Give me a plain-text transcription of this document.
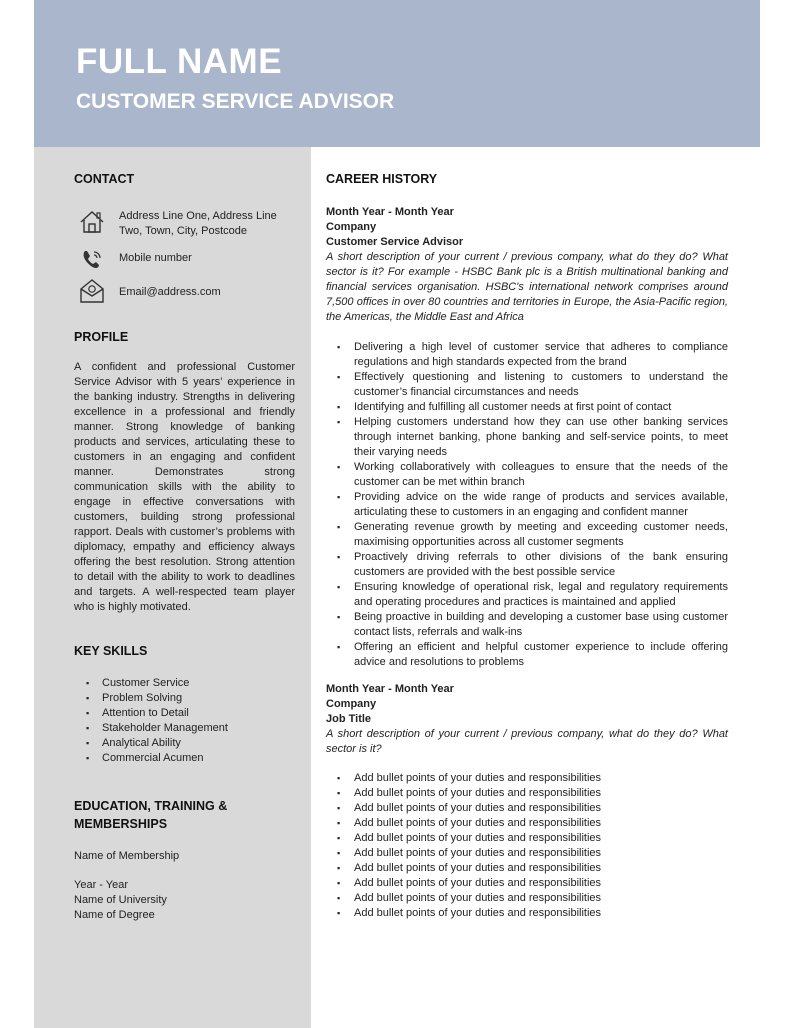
FULL NAME
CUSTOMER SERVICE ADVISOR
CONTACT
Address Line One, Address Line
Two, Town, City, Postcode
Mobile number
Email@address.com
PROFILE

A confident and professional Customer Service Advisor with 5 years’ experience in the banking industry. Strengths in delivering excellence in a professional and friendly manner. Strong knowledge of banking products and services, articulating these to customers in an engaging and confident manner. Demonstrates strong communication skills with the ability to engage in effective conversations with customers, building strong professional rapport. Deals with customer’s problems with diplomacy, empathy and efficiency always offering the best resolution. Strong attention to detail with the ability to work to deadlines and targets. A well-respected team player who is highly motivated.

KEY SKILLS
▪ Customer Service
▪ Problem Solving
▪ Attention to Detail
▪ Stakeholder Management
▪ Analytical Ability
▪ Commercial Acumen
EDUCATION, TRAINING &
MEMBERSHIPS
Name of Membership
Year - Year
Name of University
Name of Degree
CAREER HISTORY
Month Year - Month Year
Company
Customer Service Advisor
A short description of your current / previous company, what do they do? What sector is it? For example - HSBC Bank plc is a British multinational banking and financial services organisation. HSBC's international network comprises around 7,500 offices in over 80 countries and territories in Europe, the Asia-Pacific region, the Americas, the Middle East and Africa
▪ Delivering a high level of customer service that adheres to compliance regulations and high standards expected from the brand
▪ Effectively questioning and listening to customers to understand the customer’s financial circumstances and needs
▪ Identifying and fulfilling all customer needs at first point of contact
▪ Helping customers understand how they can use other banking services through internet banking, phone banking and self-service points, to meet their varying needs
▪ Working collaboratively with colleagues to ensure that the needs of the customer can be met within branch
▪ Providing advice on the wide range of products and services available, articulating these to customers in an engaging and confident manner
▪ Generating revenue growth by meeting and exceeding customer needs, maximising opportunities across all customer segments
▪ Proactively driving referrals to other divisions of the bank ensuring customers are provided with the best possible service
▪ Ensuring knowledge of operational risk, legal and regulatory requirements and operating procedures and practices is maintained and applied
▪ Being proactive in building and developing a customer base using customer contact lists, referrals and walk-ins
▪ Offering an efficient and helpful customer experience to include offering advice and resolutions to problems
Month Year - Month Year
Company
Job Title
A short description of your current / previous company, what do they do? What sector is it?
▪ Add bullet points of your duties and responsibilities
▪ Add bullet points of your duties and responsibilities
▪ Add bullet points of your duties and responsibilities
▪ Add bullet points of your duties and responsibilities
▪ Add bullet points of your duties and responsibilities
▪ Add bullet points of your duties and responsibilities
▪ Add bullet points of your duties and responsibilities
▪ Add bullet points of your duties and responsibilities
▪ Add bullet points of your duties and responsibilities
▪ Add bullet points of your duties and responsibilities
